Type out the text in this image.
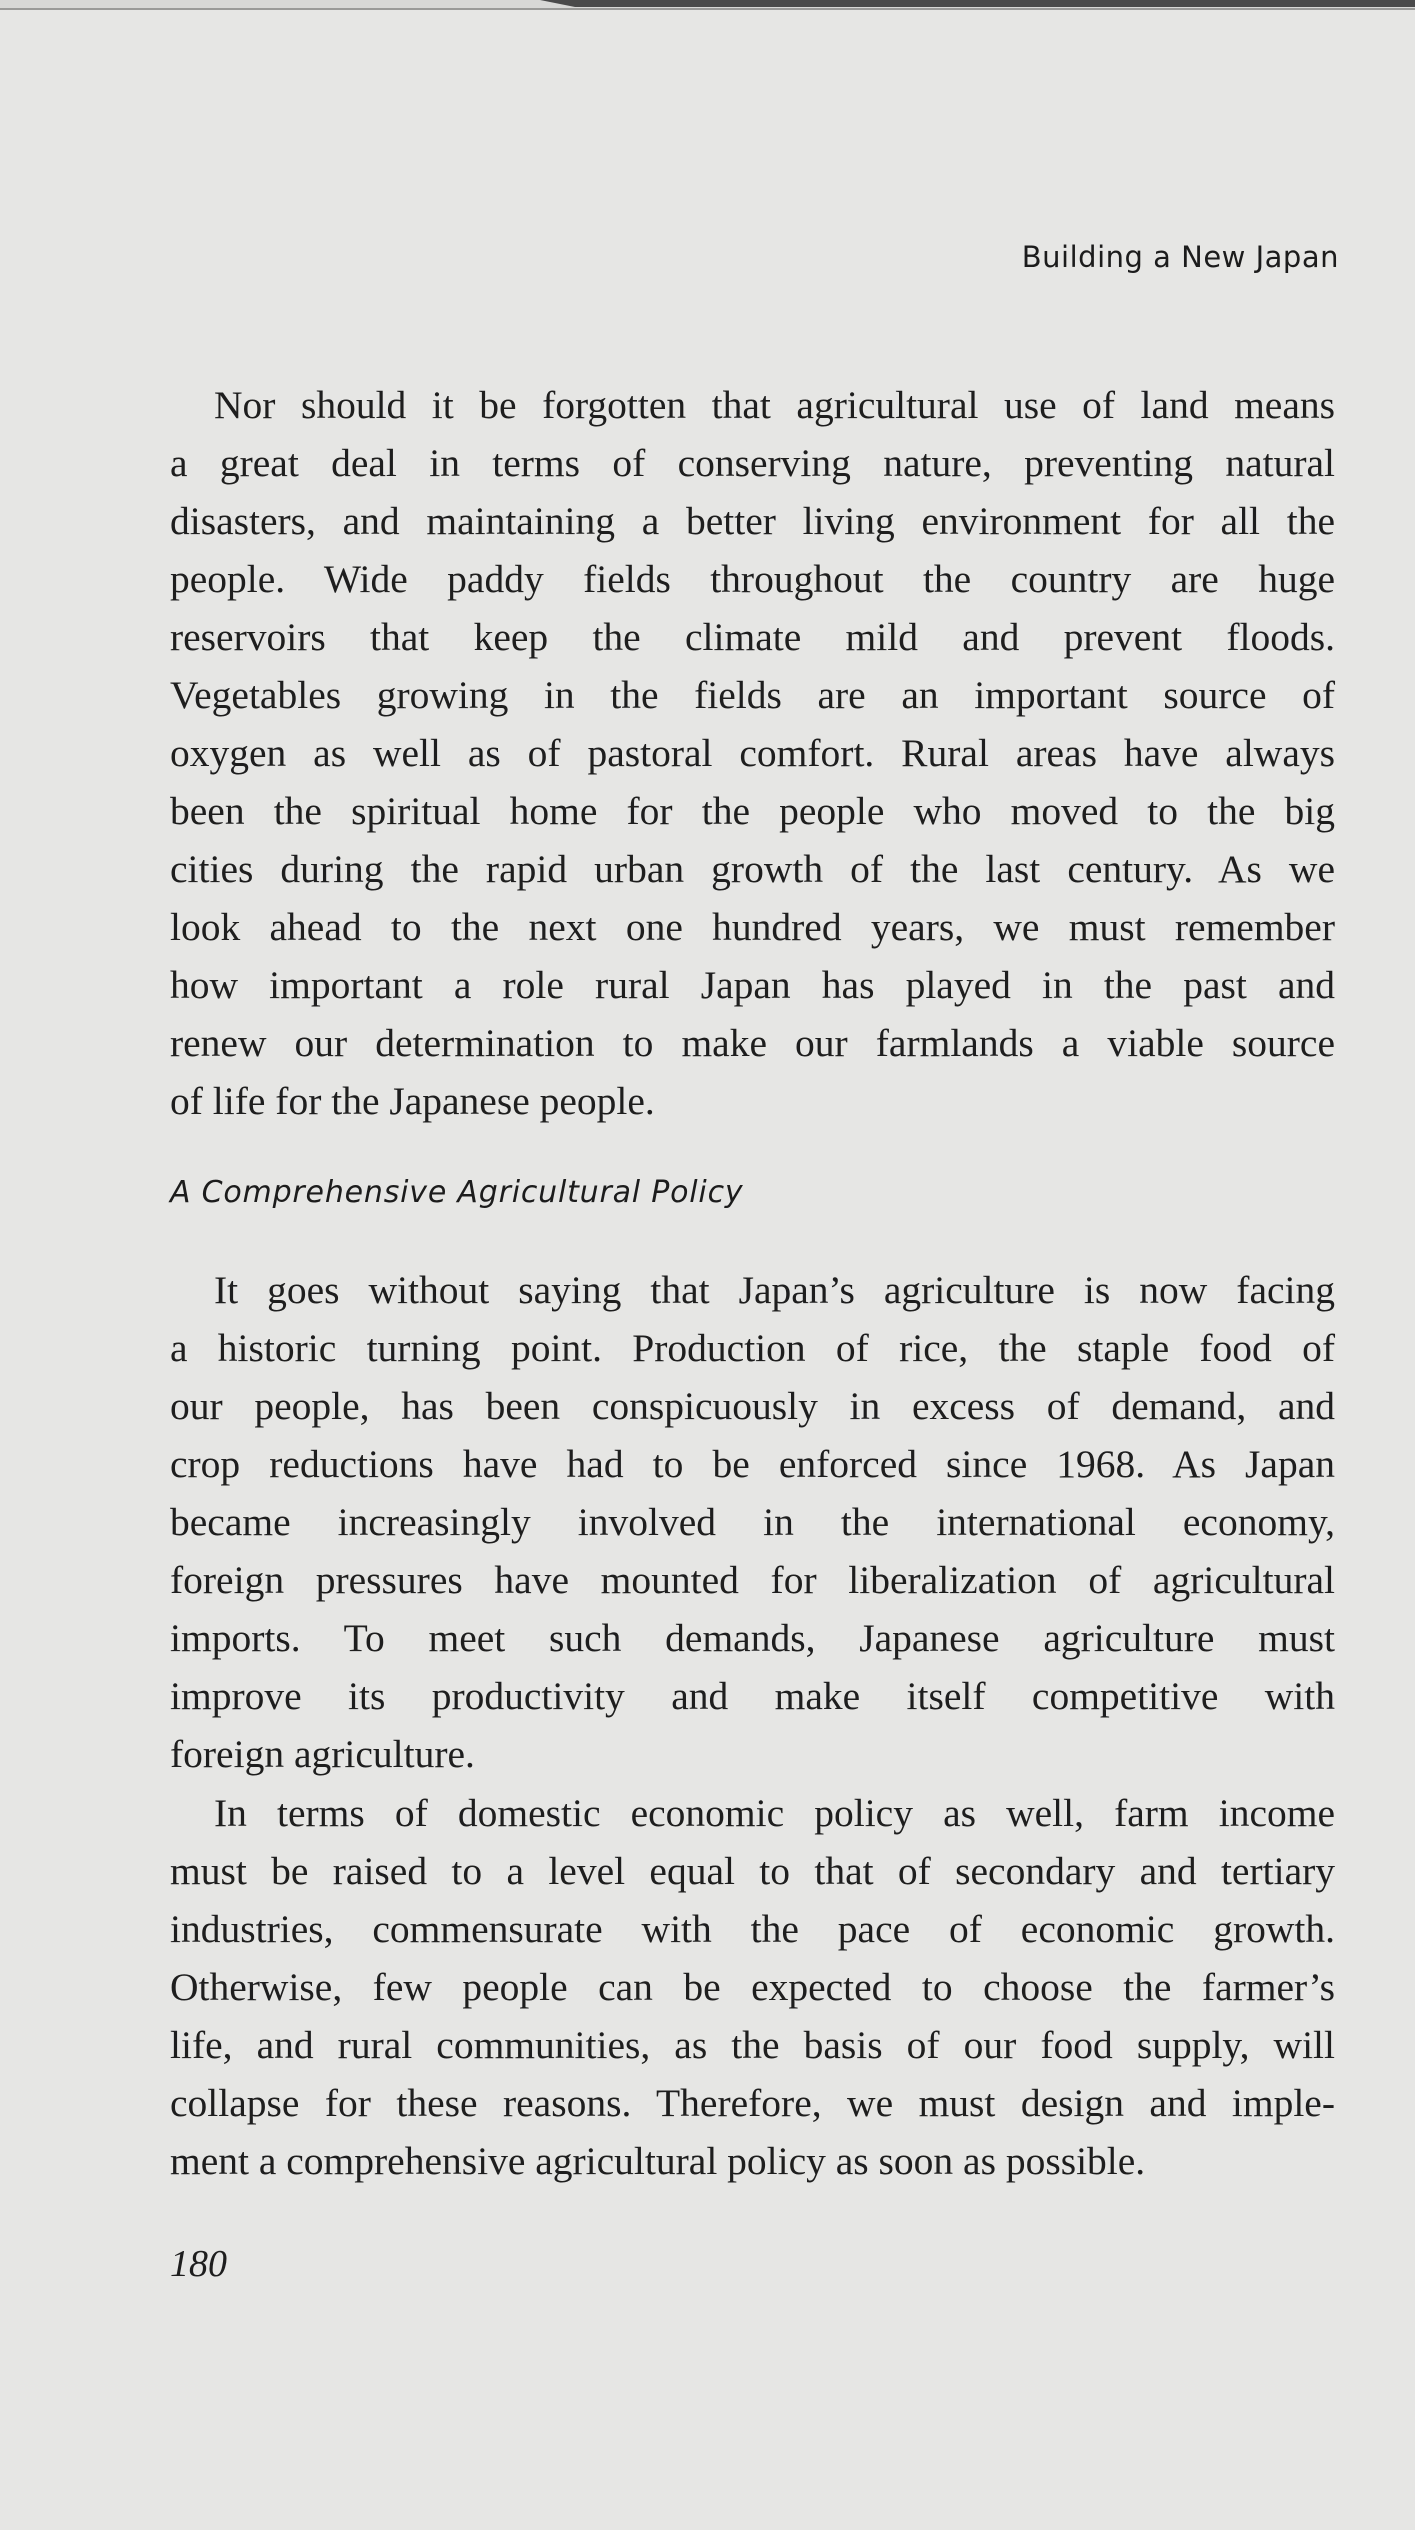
Building a New Japan
Nor should it be forgotten that agricultural use of land means
a great deal in terms of conserving nature, preventing natural
disasters, and maintaining a better living environment for all the
people. Wide paddy fields throughout the country are huge
reservoirs that keep the climate mild and prevent floods.
Vegetables growing in the fields are an important source of
oxygen as well as of pastoral comfort. Rural areas have always
been the spiritual home for the people who moved to the big
cities during the rapid urban growth of the last century. As we
look ahead to the next one hundred years, we must remember
how important a role rural Japan has played in the past and
renew our determination to make our farmlands a viable source
of life for the Japanese people.
A Comprehensive Agricultural Policy
It goes without saying that Japan’s agriculture is now facing
a historic turning point. Production of rice, the staple food of
our people, has been conspicuously in excess of demand, and
crop reductions have had to be enforced since 1968. As Japan
became increasingly involved in the international economy,
foreign pressures have mounted for liberalization of agricultural
imports. To meet such demands, Japanese agriculture must
improve its productivity and make itself competitive with
foreign agriculture.
In terms of domestic economic policy as well, farm income
must be raised to a level equal to that of secondary and tertiary
industries, commensurate with the pace of economic growth.
Otherwise, few people can be expected to choose the farmer’s
life, and rural communities, as the basis of our food supply, will
collapse for these reasons. Therefore, we must design and imple-
ment a comprehensive agricultural policy as soon as possible.
180
